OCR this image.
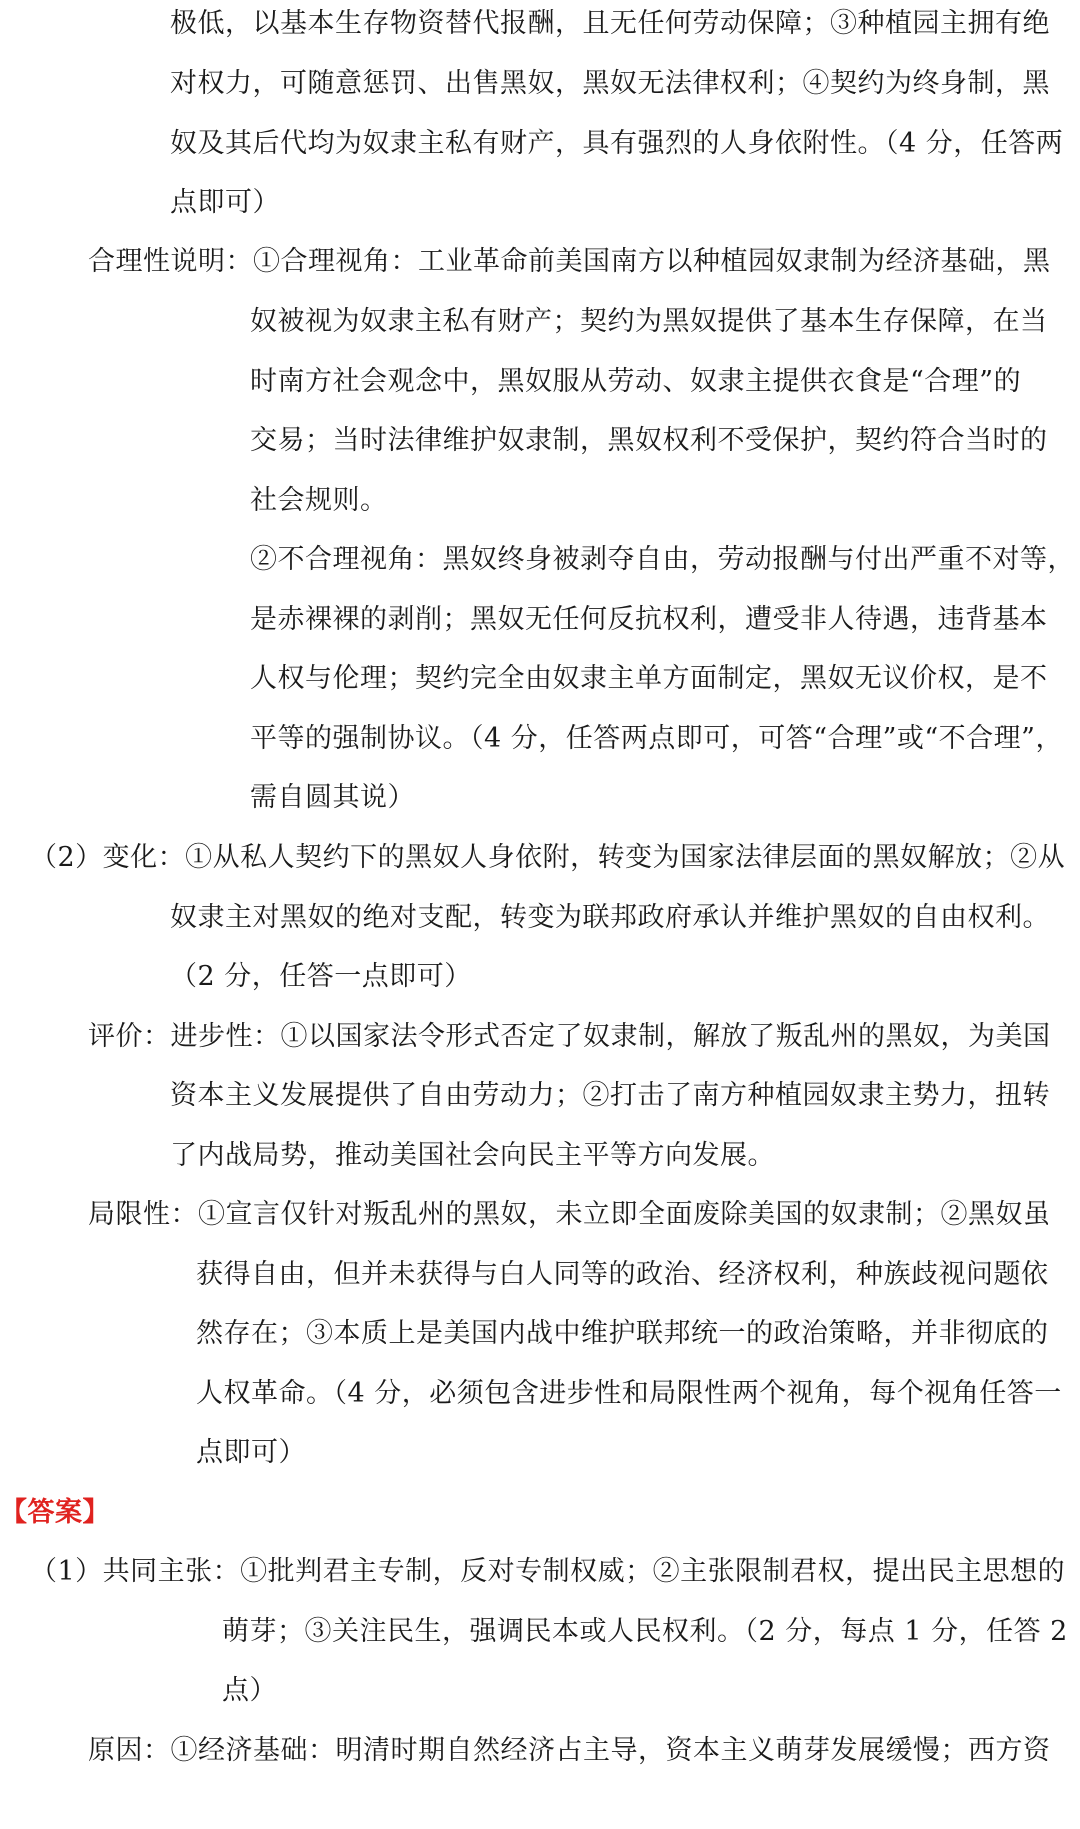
极低，以基本生存物资替代报酬，且无任何劳动保障；③种植园主拥有绝
对权力，可随意惩罚、出售黑奴，黑奴无法律权利；④契约为终身制，黑
奴及其后代均为奴隶主私有财产，具有强烈的人身依附性。（4 分，任答两
点即可）
合理性说明：①合理视角：工业革命前美国南方以种植园奴隶制为经济基础，黑
奴被视为奴隶主私有财产；契约为黑奴提供了基本生存保障，在当
时南方社会观念中，黑奴服从劳动、奴隶主提供衣食是“合理”的
交易；当时法律维护奴隶制，黑奴权利不受保护，契约符合当时的
社会规则。
②不合理视角：黑奴终身被剥夺自由，劳动报酬与付出严重不对等，
是赤裸裸的剥削；黑奴无任何反抗权利，遭受非人待遇，违背基本
人权与伦理；契约完全由奴隶主单方面制定，黑奴无议价权，是不
平等的强制协议。（4 分，任答两点即可，可答“合理”或“不合理”，
需自圆其说）
（2）变化：①从私人契约下的黑奴人身依附，转变为国家法律层面的黑奴解放；②从
奴隶主对黑奴的绝对支配，转变为联邦政府承认并维护黑奴的自由权利。
（2 分，任答一点即可）
评价：进步性：①以国家法令形式否定了奴隶制，解放了叛乱州的黑奴，为美国
资本主义发展提供了自由劳动力；②打击了南方种植园奴隶主势力，扭转
了内战局势，推动美国社会向民主平等方向发展。
局限性：①宣言仅针对叛乱州的黑奴，未立即全面废除美国的奴隶制；②黑奴虽
获得自由，但并未获得与白人同等的政治、经济权利，种族歧视问题依
然存在；③本质上是美国内战中维护联邦统一的政治策略，并非彻底的
人权革命。（4 分，必须包含进步性和局限性两个视角，每个视角任答一
点即可）
【答案】
（1）共同主张：①批判君主专制，反对专制权威；②主张限制君权，提出民主思想的
萌芽；③关注民生，强调民本或人民权利。（2 分，每点 1 分，任答 2
点）
原因：①经济基础：明清时期自然经济占主导，资本主义萌芽发展缓慢；西方资
